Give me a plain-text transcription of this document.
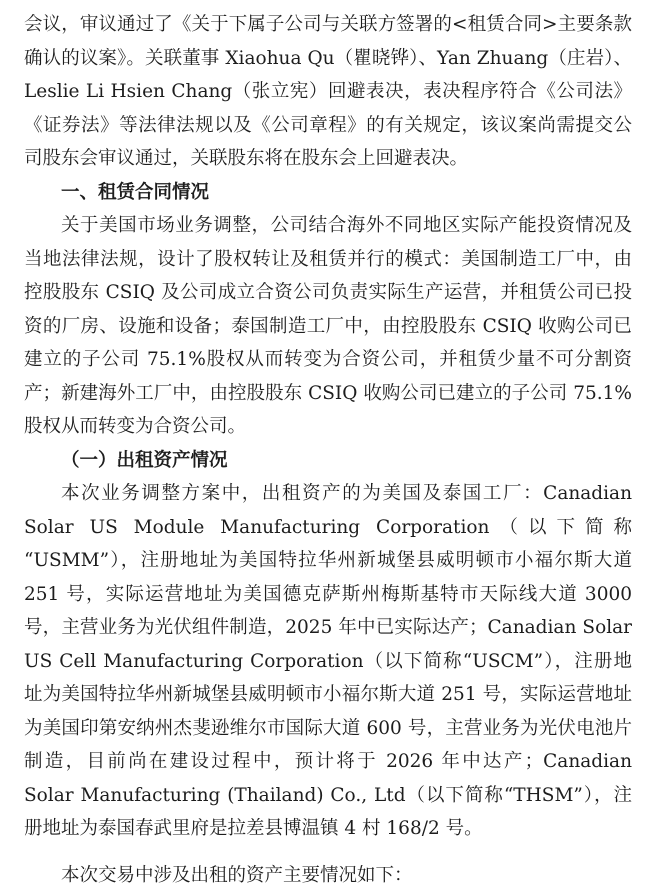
会议，审议通过了《关于下属子公司与关联方签署的<租赁合同>主要条款确认的议案》。关联董事 Xiaohua Qu（瞿晓铧）、Yan Zhuang（庄岩）、Leslie Li Hsien Chang（张立宪）回避表决，表决程序符合《公司法》《证券法》等法律法规以及《公司章程》的有关规定，该议案尚需提交公司股东会审议通过，关联股东将在股东会上回避表决。

一、租赁合同情况

关于美国市场业务调整，公司结合海外不同地区实际产能投资情况及当地法律法规，设计了股权转让及租赁并行的模式：美国制造工厂中，由控股股东 CSIQ 及公司成立合资公司负责实际生产运营，并租赁公司已投资的厂房、设施和设备；泰国制造工厂中，由控股股东 CSIQ 收购公司已建立的子公司 75.1%股权从而转变为合资公司，并租赁少量不可分割资产；新建海外工厂中，由控股股东 CSIQ 收购公司已建立的子公司 75.1%股权从而转变为合资公司。

（一）出租资产情况

本次业务调整方案中，出租资产的为美国及泰国工厂：Canadian Solar US Module Manufacturing Corporation（以下简称“USMM”），注册地址为美国特拉华州新城堡县威明顿市小福尔斯大道 251 号，实际运营地址为美国德克萨斯州梅斯基特市天际线大道 3000 号，主营业务为光伏组件制造，2025 年中已实际达产；Canadian Solar US Cell Manufacturing Corporation（以下简称“USCM”），注册地址为美国特拉华州新城堡县威明顿市小福尔斯大道 251 号，实际运营地址为美国印第安纳州杰斐逊维尔市国际大道 600 号，主营业务为光伏电池片制造，目前尚在建设过程中，预计将于 2026 年中达产；Canadian Solar Manufacturing (Thailand) Co., Ltd（以下简称“THSM”），注册地址为泰国春武里府是拉差县博温镇 4 村 168/2 号。

本次交易中涉及出租的资产主要情况如下：
